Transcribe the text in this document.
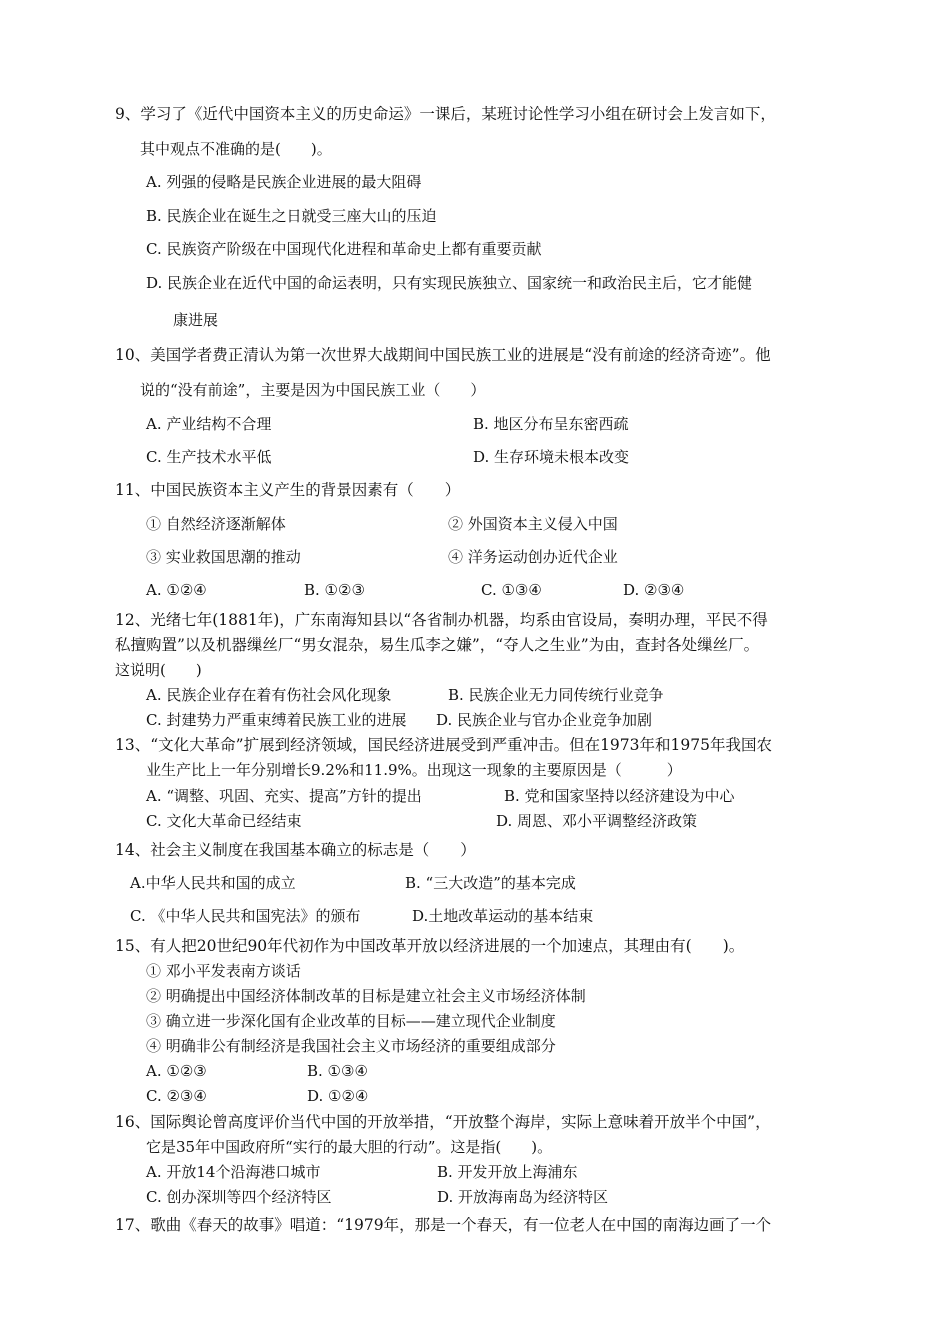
9、学习了《近代中国资本主义的历史命运》一课后，某班讨论性学习小组在研讨会上发言如下，
其中观点不准确的是(　　)。
A. 列强的侵略是民族企业进展的最大阻碍
B. 民族企业在诞生之日就受三座大山的压迫
C. 民族资产阶级在中国现代化进程和革命史上都有重要贡献
D. 民族企业在近代中国的命运表明，只有实现民族独立、国家统一和政治民主后，它才能健
康进展
10、美国学者费正清认为第一次世界大战期间中国民族工业的进展是“没有前途的经济奇迹”。他
说的“没有前途”，主要是因为中国民族工业（　　）
A. 产业结构不合理	B. 地区分布呈东密西疏
C. 生产技术水平低	D. 生存环境未根本改变
11、中国民族资本主义产生的背景因素有（　　）
① 自然经济逐渐解体	② 外国资本主义侵入中国
③ 实业救国思潮的推动	④ 洋务运动创办近代企业
A. ①②④	B. ①②③	C. ①③④	D. ②③④
12、光绪七年(1881年)，广东南海知县以“各省制办机器，均系由官设局，奏明办理，平民不得
私擅购置”以及机器缫丝厂“男女混杂，易生瓜李之嫌”，“夺人之生业”为由，查封各处缫丝厂。
这说明(　　)
A. 民族企业存在着有伤社会风化现象	B. 民族企业无力同传统行业竞争
C. 封建势力严重束缚着民族工业的进展 D. 民族企业与官办企业竞争加剧
13、“文化大革命”扩展到经济领域，国民经济进展受到严重冲击。但在1973年和1975年我国农
业生产比上一年分别增长9.2%和11.9%。出现这一现象的主要原因是（　　　）
A. “调整、巩固、充实、提高”方针的提出	B. 党和国家坚持以经济建设为中心
C. 文化大革命已经结束	D. 周恩、邓小平调整经济政策
14、社会主义制度在我国基本确立的标志是（　　）
A.中华人民共和国的成立	B. “三大改造”的基本完成
C. 《中华人民共和国宪法》的颁布	D.土地改革运动的基本结束
15、有人把20世纪90年代初作为中国改革开放以经济进展的一个加速点，其理由有(　　)。
① 邓小平发表南方谈话
② 明确提出中国经济体制改革的目标是建立社会主义市场经济体制
③ 确立进一步深化国有企业改革的目标——建立现代企业制度
④ 明确非公有制经济是我国社会主义市场经济的重要组成部分
A. ①②③	B. ①③④
C. ②③④	D. ①②④
16、国际舆论曾高度评价当代中国的开放举措，“开放整个海岸，实际上意味着开放半个中国”，
它是35年中国政府所“实行的最大胆的行动”。这是指(　　)。
A. 开放14个沿海港口城市	B. 开发开放上海浦东
C. 创办深圳等四个经济特区	D. 开放海南岛为经济特区
17、歌曲《春天的故事》唱道：“1979年，那是一个春天，有一位老人在中国的南海边画了一个
